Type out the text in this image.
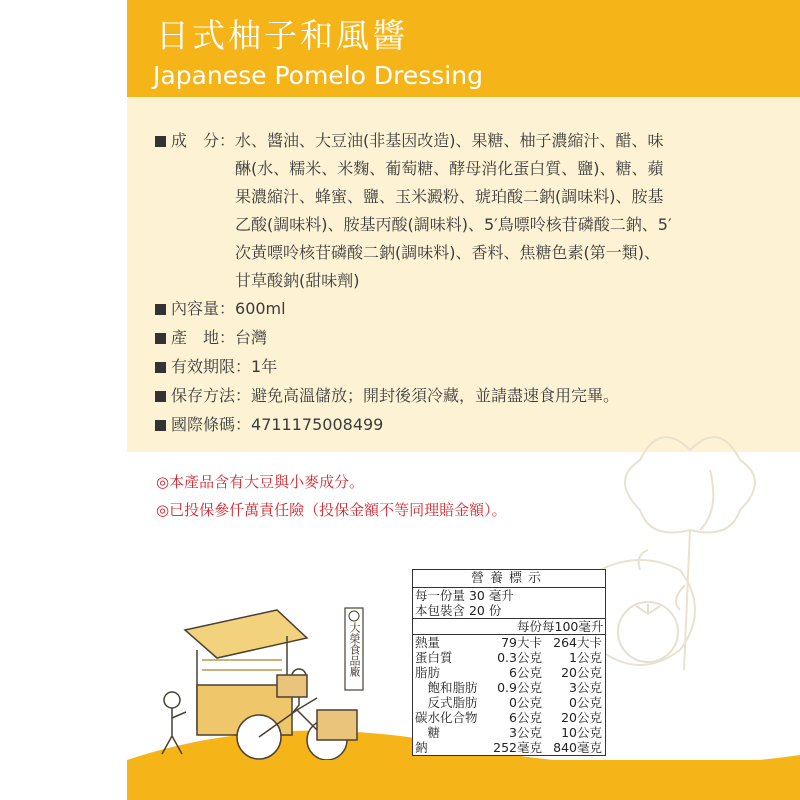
日式柚子和風醬
Japanese Pomelo Dressing
成　分： 水、醬油、大豆油(非基因改造)、果糖、柚子濃縮汁、醋、味醂(水、糯米、米麴、葡萄糖、酵母消化蛋白質、鹽)、糖、蘋果濃縮汁、蜂蜜、鹽、玉米澱粉、琥珀酸二鈉(調味料)、胺基乙酸(調味料)、胺基丙酸(調味料)、5′鳥嘌呤核苷磷酸二鈉、5′次黃嘌呤核苷磷酸二鈉(調味料)、香料、焦糖色素(第一類)、甘草酸鈉(甜味劑)
內容量： 600ml
產　地： 台灣
有效期限： 1年
保存方法： 避免高溫儲放；開封後須冷藏，並請盡速食用完畢。
國際條碼： 4711175008499
◎本產品含有大豆與小麥成分。
◎已投保參仟萬責任險（投保金額不等同理賠金額）。
大榮食品廠
營養標示
每一份量 30 毫升
本包裝含 20 份
每份 每100毫升
熱量	79大卡 264大卡
蛋白質	0.3公克	1公克
脂肪	6公克	20公克
　飽和脂肪	0.9公克	3公克
　反式脂肪	0公克	0公克
碳水化合物	6公克	20公克
　糖	3公克	10公克
鈉	252毫克 840毫克
